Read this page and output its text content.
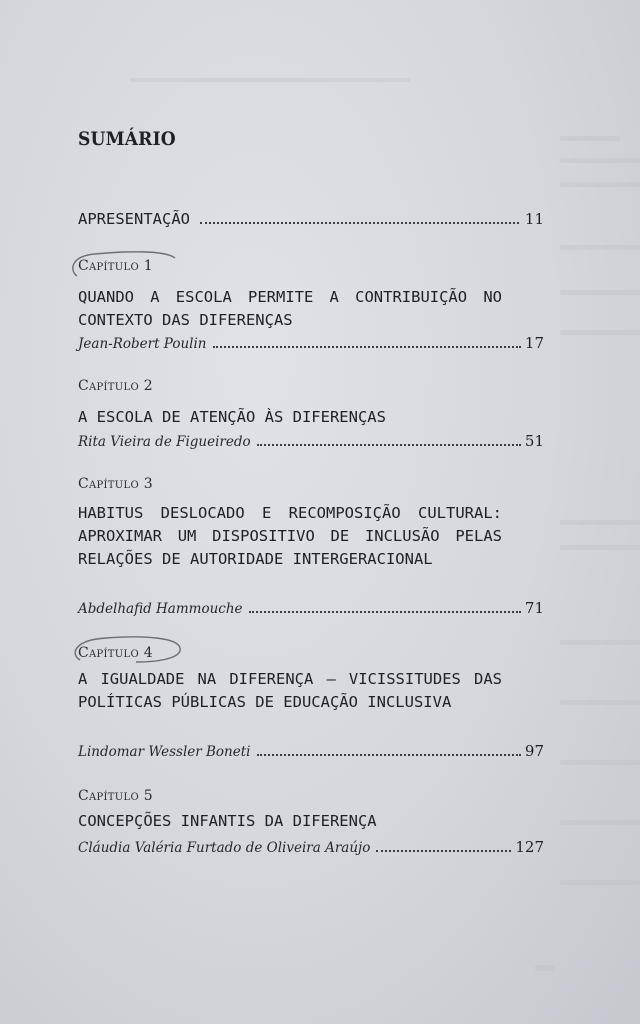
SUMÁRIO
APRESENTAÇÃO	11
Capítulo 1

QUANDO A ESCOLA PERMITE A CONTRIBUIÇÃO NO CONTEXTO DAS DIFERENÇAS

Jean-Robert Poulin	17
Capítulo 2

A ESCOLA DE ATENÇÃO ÀS DIFERENÇAS

Rita Vieira de Figueiredo	51
Capítulo 3

HABITUS DESLOCADO E RECOMPOSIÇÃO CULTURAL: APROXIMAR UM DISPOSITIVO DE INCLUSÃO PELAS RELAÇÕES DE AUTORIDADE INTERGERACIONAL

Abdelhafid Hammouche	71
Capítulo 4

A IGUALDADE NA DIFERENÇA – VICISSITUDES DAS POLÍTICAS PÚBLICAS DE EDUCAÇÃO INCLUSIVA

Lindomar Wessler Boneti	97
Capítulo 5

CONCEPÇÕES INFANTIS DA DIFERENÇA

Cláudia Valéria Furtado de Oliveira Araújo	127
